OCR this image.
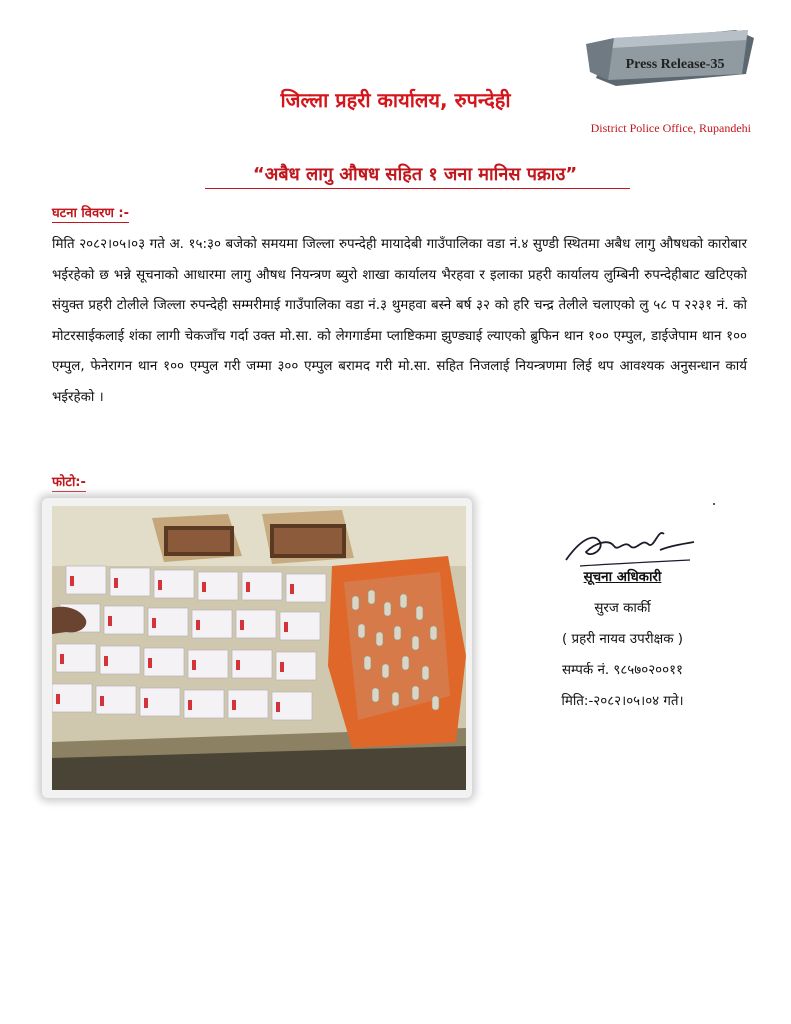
Press Release-35
जिल्ला प्रहरी कार्यालय, रुपन्देही
District Police Office, Rupandehi
“अबैध लागु औषध सहित १ जना मानिस पक्राउ”
घटना विवरण :-
मिति २०८२।०५।०३ गते अ. १५:३० बजेको समयमा जिल्ला रुपन्देही मायादेबी गाउँपालिका वडा नं.४ सुण्डी स्थितमा अबैध लागु औषधको कारोबार भईरहेको छ भन्ने सूचनाको आधारमा लागु औषध नियन्त्रण ब्युरो शाखा कार्यालय भैरहवा र इलाका प्रहरी कार्यालय लुम्बिनी रुपन्देहीबाट खटिएको संयुक्त प्रहरी टोलीले जिल्ला रुपन्देही सम्मरीमाई गाउँपालिका वडा नं.३ थुमहवा बस्ने बर्ष ३२ को हरि चन्द्र तेलीले चलाएको लु ५८ प २२३१ नं. को मोटरसाईकलाई शंका लागी चेकजाँच गर्दा उक्त मो.सा. को लेगगार्डमा प्लाष्टिकमा झुण्ड्याई ल्याएको ब्रुफिन थान १०० एम्पुल, डाईजेपाम थान १०० एम्पुल, फेनेरागन थान १०० एम्पुल गरी जम्मा ३०० एम्पुल बरामद गरी मो.सा. सहित निजलाई नियन्त्रणमा लिई थप आवश्यक अनुसन्धान कार्य भईरहेको ।
फोटो:-
सूचना अधिकारी
सुरज कार्की
( प्रहरी नायव उपरीक्षक )
सम्पर्क नं. ९८५७०२००११
मिति:-२०८२।०५।०४ गते।
